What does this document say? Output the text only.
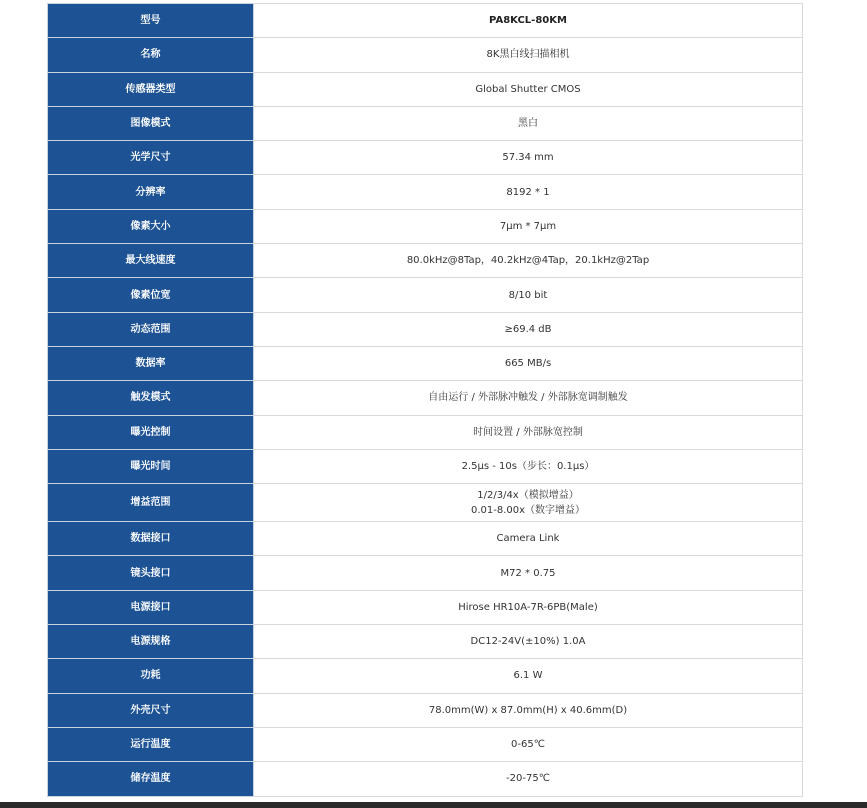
型号	PA8KCL-80KM
名称	8K黑白线扫描相机
传感器类型	Global Shutter CMOS
图像模式	黑白
光学尺寸	57.34 mm
分辨率	8192 * 1
像素大小	7μm * 7μm
最大线速度	80.0kHz@8Tap，40.2kHz@4Tap，20.1kHz@2Tap
像素位宽	8/10 bit
动态范围	≥69.4 dB
数据率	665 MB/s
触发模式	自由运行 / 外部脉冲触发 / 外部脉宽调制触发
曝光控制	时间设置 / 外部脉宽控制
曝光时间	2.5μs - 10s（步长：0.1μs）
增益范围	1/2/3/4x（模拟增益）
0.01-8.00x（数字增益）

数据接口	Camera Link
镜头接口	M72 * 0.75
电源接口	Hirose HR10A-7R-6PB(Male)
电源规格	DC12-24V(±10%) 1.0A
功耗	6.1 W
外壳尺寸	78.0mm(W) x 87.0mm(H) x 40.6mm(D)
运行温度	0-65℃
储存温度	-20-75℃
